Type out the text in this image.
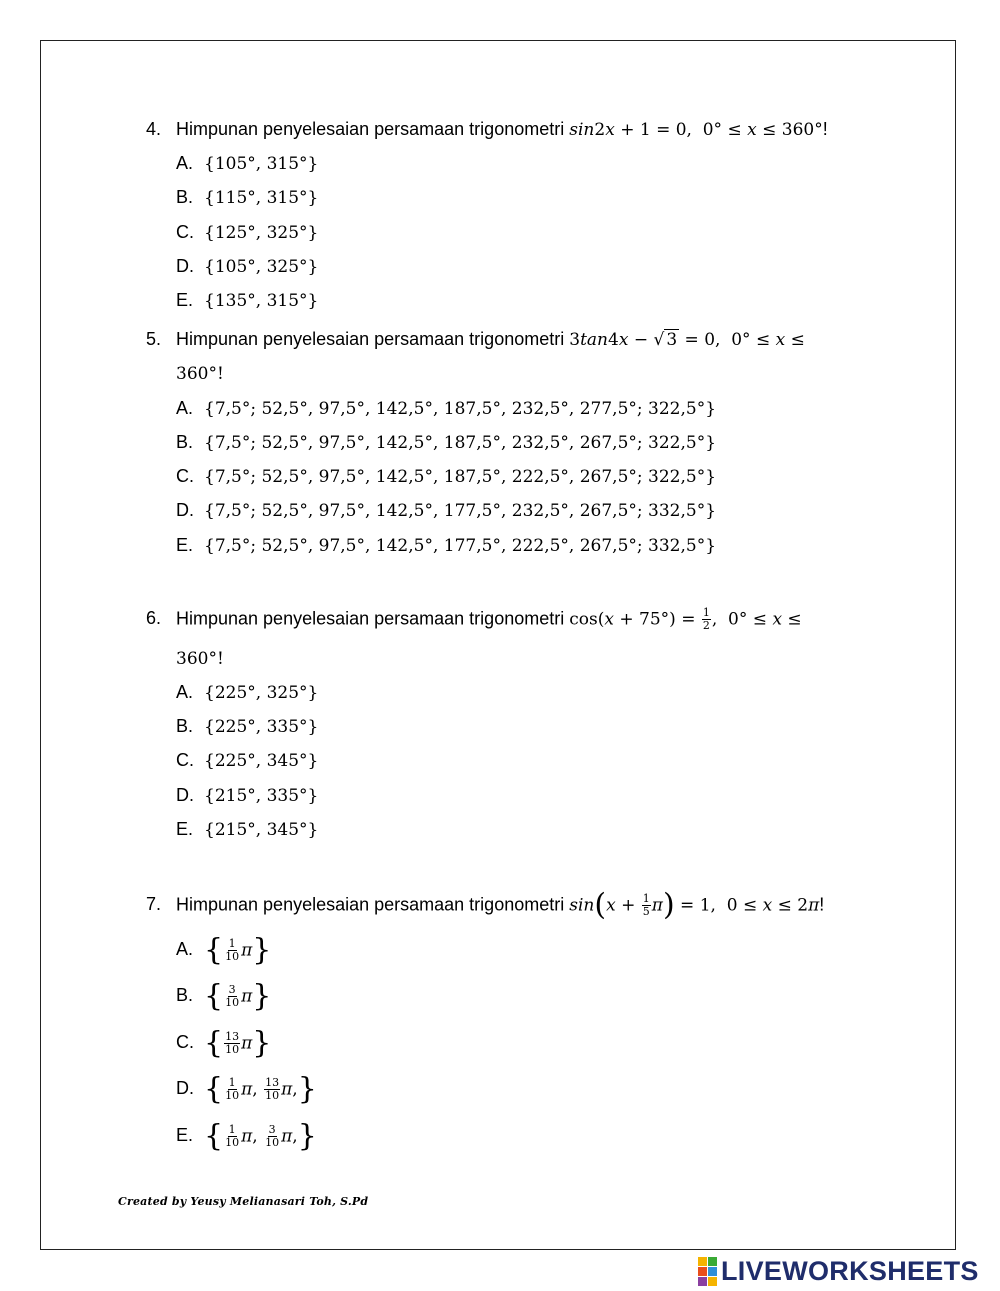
4. Himpunan penyelesaian persamaan trigonometri sin2x + 1 = 0,  0° ≤ x ≤ 360°!
A. {105°, 315°}
B. {115°, 315°}
C. {125°, 325°}
D. {105°, 325°}
E. {135°, 315°}
5. Himpunan penyelesaian persamaan trigonometri 3tan4x − √ 3 = 0,  0° ≤ x ≤
360°!
A. {7,5°; 52,5°, 97,5°, 142,5°, 187,5°, 232,5°, 277,5°; 322,5°}
B. {7,5°; 52,5°, 97,5°, 142,5°, 187,5°, 232,5°, 267,5°; 322,5°}
C. {7,5°; 52,5°, 97,5°, 142,5°, 187,5°, 222,5°, 267,5°; 322,5°}
D. {7,5°; 52,5°, 97,5°, 142,5°, 177,5°, 232,5°, 267,5°; 332,5°}
E. {7,5°; 52,5°, 97,5°, 142,5°, 177,5°, 222,5°, 267,5°; 332,5°}
6. Himpunan penyelesaian persamaan trigonometri $\cos(x + 75^\circ) = \frac{1}{2}$ ,  0° ≤ x ≤
360°!
A. {225°, 325°}
B. {225°, 335°}
C. {225°, 345°}
D. {215°, 335°}
E. {215°, 345°}
7. Himpunan penyelesaian persamaan trigonometri $\sin(x + \frac{1}{5} \pi) = 1$,  0 ≤ x ≤ 2π!
A. { $\frac{1}{10} \pi$}
B. { $\frac{3}{10} \pi$}
C. { $\frac{13}{10} \pi$}
D. { $\frac{1}{10} \pi$, $\frac{13}{10} \pi$,}
E. { $\frac{1}{10} \pi$, $\frac{3}{10} \pi$,}
Created by Yeusy Melianasari Toh, S.Pd
LIVEWORKSHEETS
